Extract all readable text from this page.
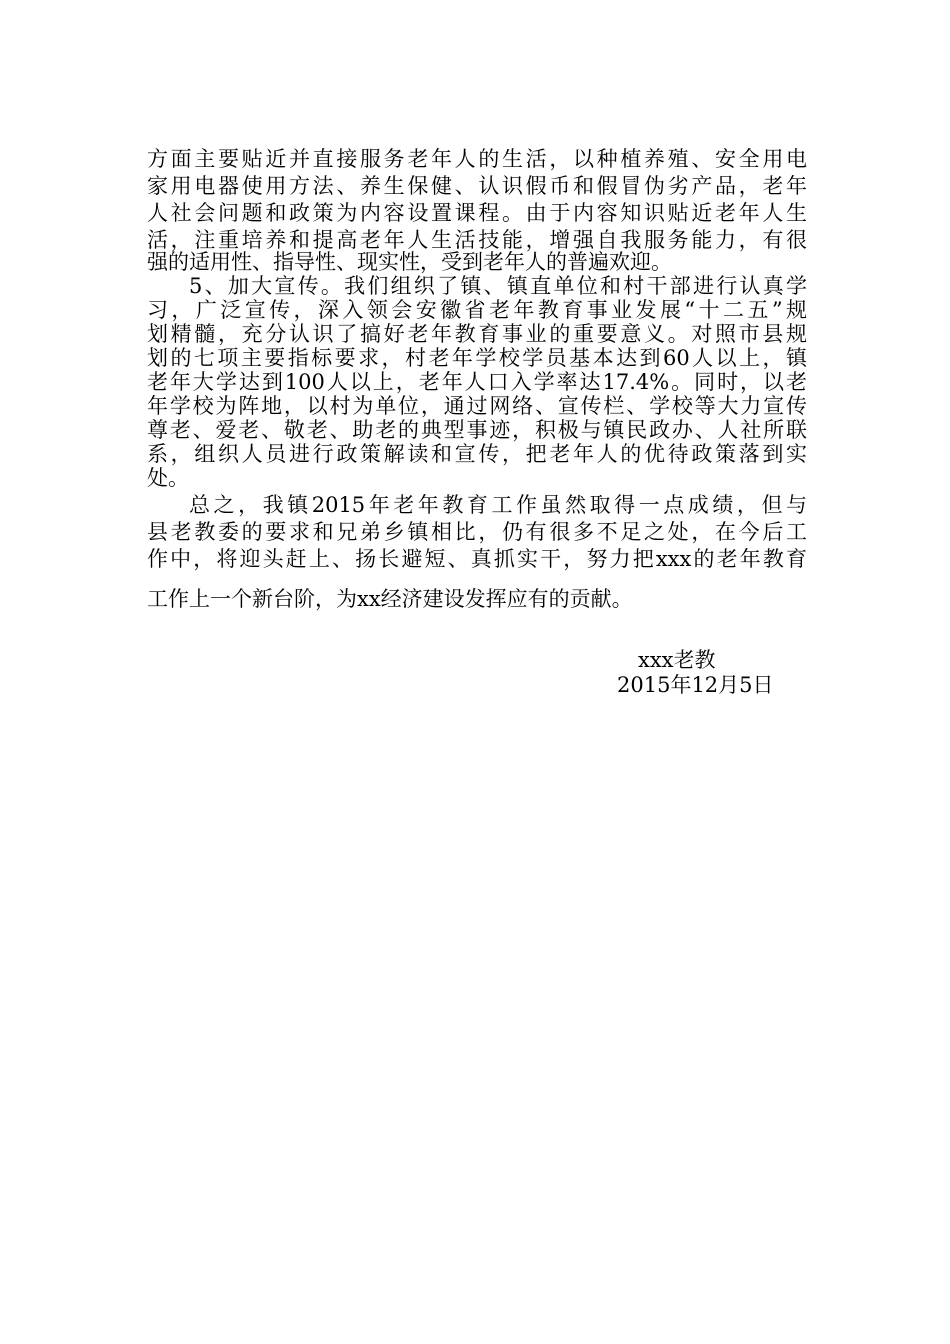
方面主要贴近并直接服务老年人的生活，以种植养殖、安全用电
家用电器使用方法、养生保健、认识假币和假冒伪劣产品，老年
人社会问题和政策为内容设置课程。由于内容知识贴近老年人生
活，注重培养和提高老年人生活技能，增强自我服务能力，有很
强的适用性、指导性、现实性，受到老年人的普遍欢迎。
5、加大宣传。我们组织了镇、镇直单位和村干部进行认真学
习，广泛宣传，深入领会安徽省老年教育事业发展“十二五”规
划精髓，充分认识了搞好老年教育事业的重要意义。对照市县规
划的七项主要指标要求，村老年学校学员基本达到60人以上，镇
老年大学达到100人以上，老年人口入学率达17.4%。同时，以老
年学校为阵地，以村为单位，通过网络、宣传栏、学校等大力宣传
尊老、爱老、敬老、助老的典型事迹，积极与镇民政办、人社所联
系，组织人员进行政策解读和宣传，把老年人的优待政策落到实
处。
总之，我镇2015年老年教育工作虽然取得一点成绩，但与
县老教委的要求和兄弟乡镇相比，仍有很多不足之处，在今后工
作中，将迎头赶上、扬长避短、真抓实干，努力把xxx的老年教育
工作上一个新台阶，为xx经济建设发挥应有的贡献。
xxx老教
2015年12月5日
